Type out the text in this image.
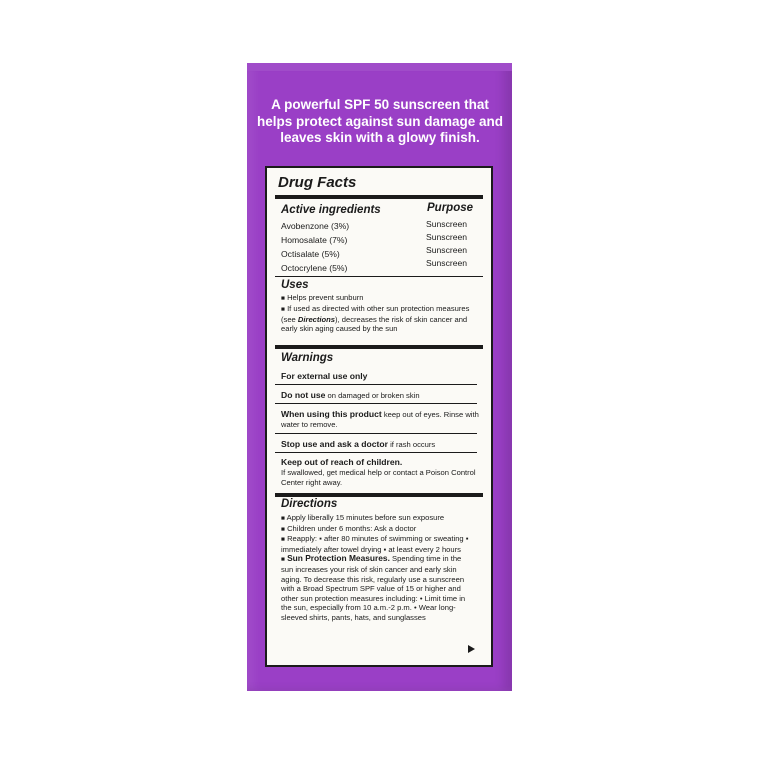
A powerful SPF 50 sunscreen that helps protect against sun damage and leaves skin with a glowy finish.
Drug Facts
Active ingredients	Purpose
Avobenzone (3%)	Sunscreen
Homosalate (7%)	Sunscreen
Octisalate (5%)	Sunscreen
Octocrylene (5%)	Sunscreen
Uses
■ Helps prevent sunburn
■ If used as directed with other sun protection measures (see Directions), decreases the risk of skin cancer and early skin aging caused by the sun
Warnings
For external use only
Do not use on damaged or broken skin
When using this product keep out of eyes. Rinse with water to remove.
Stop use and ask a doctor if rash occurs
Keep out of reach of children.
If swallowed, get medical help or contact a Poison Control Center right away.
Directions
■ Apply liberally 15 minutes before sun exposure
■ Children under 6 months: Ask a doctor
■ Reapply: ▪ after 80 minutes of swimming or sweating ▪ immediately after towel drying ▪ at least every 2 hours
■ Sun Protection Measures. Spending time in the sun increases your risk of skin cancer and early skin aging. To decrease this risk, regularly use a sunscreen with a Broad Spectrum SPF value of 15 or higher and other sun protection measures including: • Limit time in the sun, especially from 10 a.m.-2 p.m. • Wear long-sleeved shirts, pants, hats, and sunglasses
